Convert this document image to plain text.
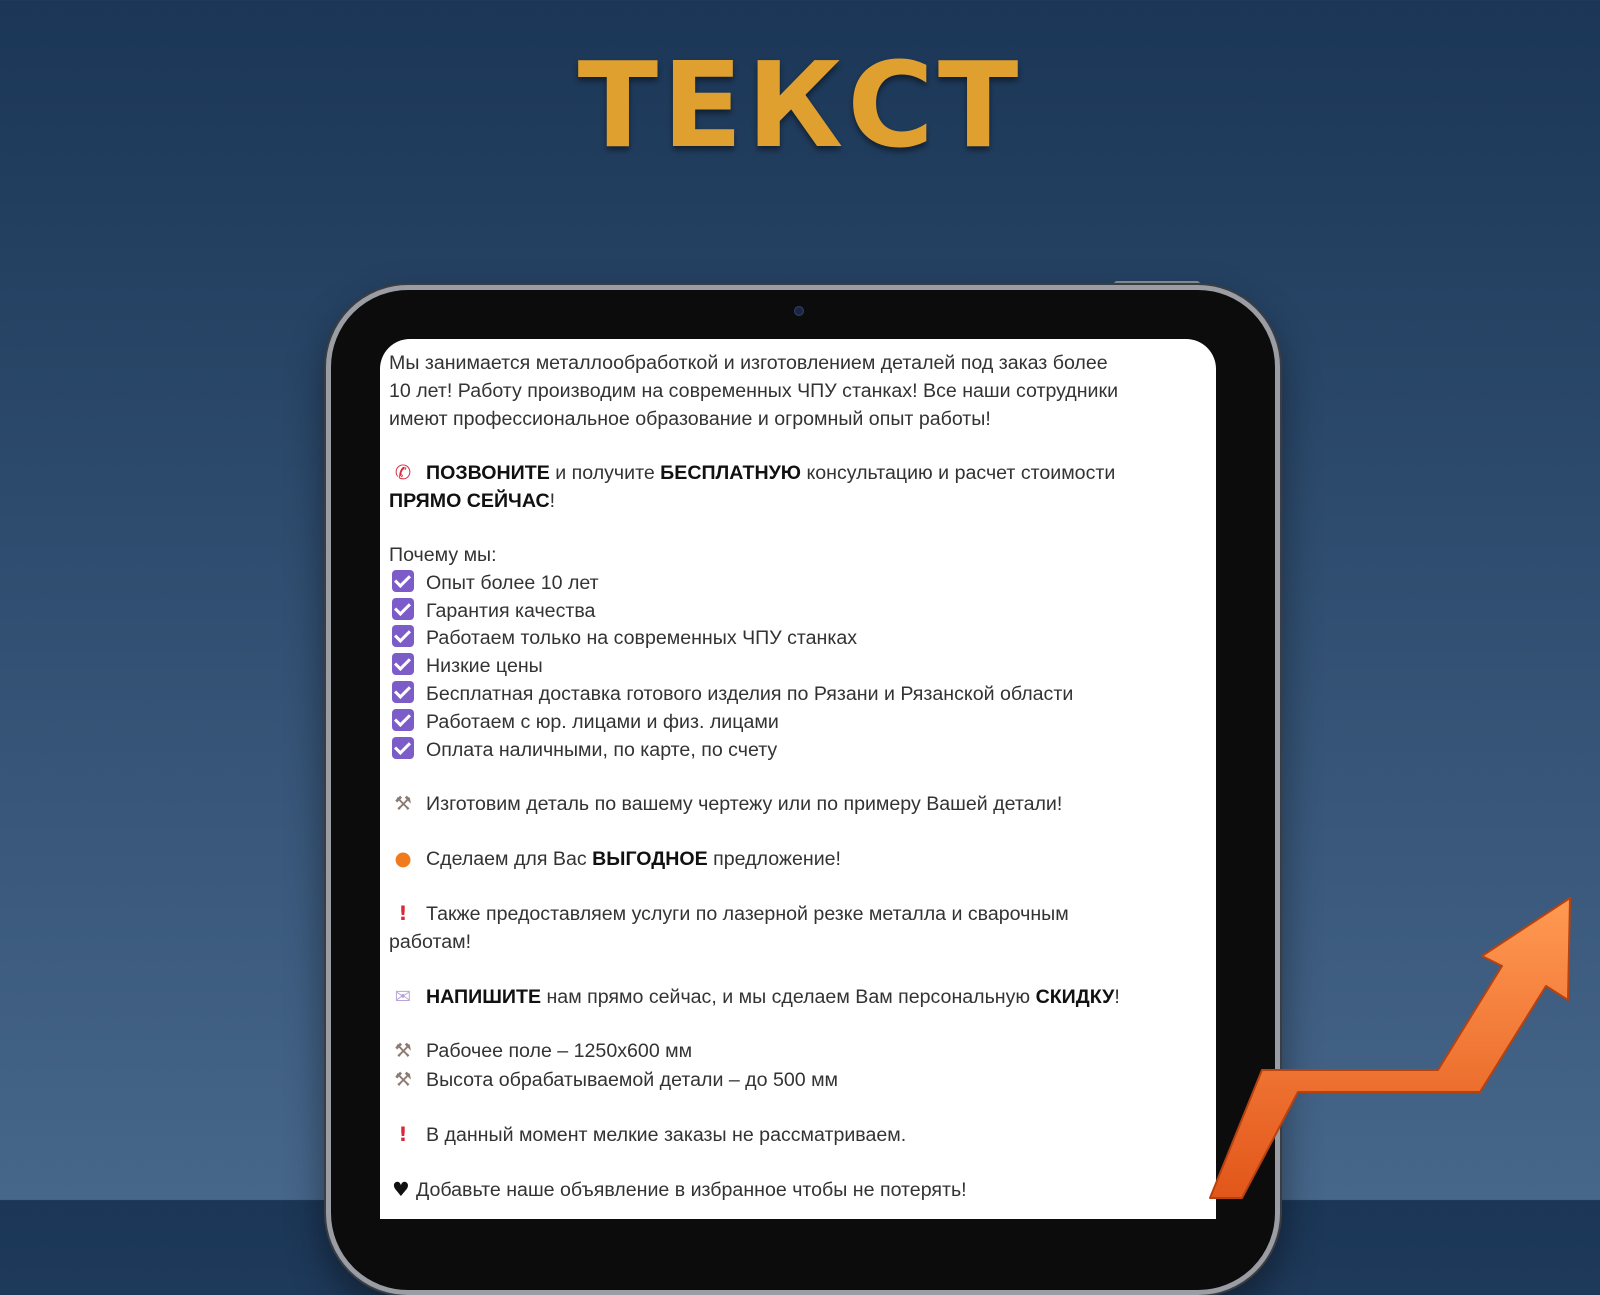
ТЕКСТ
Мы занимается металлообработкой и изготовлением деталей под заказ более
10 лет! Работу производим на современных ЧПУ станках! Все наши сотрудники
имеют профессиональное образование и огромный опыт работы!
✆ ПОЗВОНИТЕ и получите БЕСПЛАТНУЮ консультацию и расчет стоимости
ПРЯМО СЕЙЧАС!
Почему мы:
Опыт более 10 лет
Гарантия качества
Работаем только на современных ЧПУ станках
Низкие цены
Бесплатная доставка готового изделия по Рязани и Рязанской области
Работаем с юр. лицами и физ. лицами
Оплата наличными, по карте, по счету
⚒ Изготовим деталь по вашему чертежу или по примеру Вашей детали!
● Сделаем для Вас ВЫГОДНОЕ предложение!
! Также предоставляем услуги по лазерной резке металла и сварочным
работам!
✉ НАПИШИТЕ нам прямо сейчас, и мы сделаем Вам персональную СКИДКУ!
⚒ Рабочее поле – 1250х600 мм
⚒ Высота обрабатываемой детали – до 500 мм
! В данный момент мелкие заказы не рассматриваем.
♥ Добавьте наше объявление в избранное чтобы не потерять!
